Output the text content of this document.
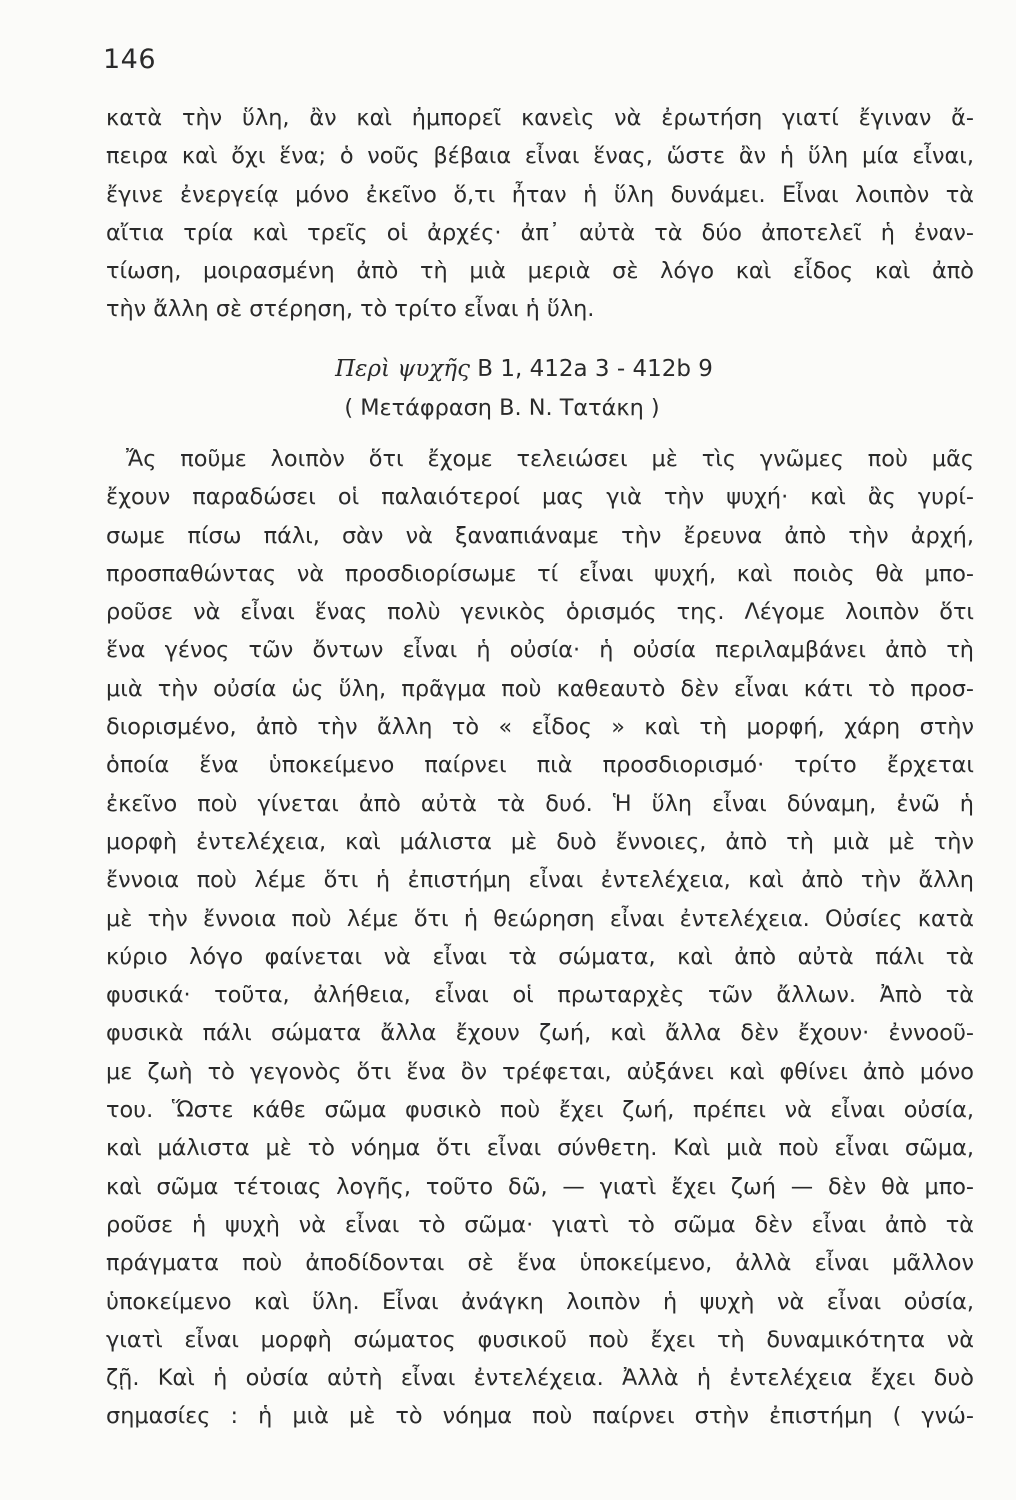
146
κατὰ τὴν ὕλη, ἂν καὶ ἠμπορεῖ κανεὶς νὰ ἐρωτήση γιατί ἔγιναν ἄ-
πειρα καὶ ὄχι ἕνα; ὁ νοῦς βέβαια εἶναι ἕνας, ὥστε ἂν ἡ ὕλη μία εἶναι,
ἔγινε ἐνεργείᾳ μόνο ἐκεῖνο ὅ,τι ἦταν ἡ ὕλη δυνάμει. Εἶναι λοιπὸν τὰ
αἴτια τρία καὶ τρεῖς οἱ ἀρχές· ἀπ᾽ αὐτὰ τὰ δύο ἀποτελεῖ ἡ ἐναν-
τίωση, μοιρασμένη ἀπὸ τὴ μιὰ μεριὰ σὲ λόγο καὶ εἶδος καὶ ἀπὸ
τὴν ἄλλη σὲ στέρηση, τὸ τρίτο εἶναι ἡ ὕλη.
Περὶ ψυχῆς Β 1, 412a 3 - 412b 9
( Μετάφραση Β. Ν. Τατάκη )
Ἄς ποῦμε λοιπὸν ὅτι ἔχομε τελειώσει μὲ τὶς γνῶμες ποὺ μᾶς
ἔχουν παραδώσει οἱ παλαιότεροί μας γιὰ τὴν ψυχή· καὶ ἂς γυρί-
σωμε πίσω πάλι, σὰν νὰ ξαναπιάναμε τὴν ἔρευνα ἀπὸ τὴν ἀρχή,
προσπαθώντας νὰ προσδιορίσωμε τί εἶναι ψυχή, καὶ ποιὸς θὰ μπο-
ροῦσε νὰ εἶναι ἕνας πολὺ γενικὸς ὁρισμός της. Λέγομε λοιπὸν ὅτι
ἕνα γένος τῶν ὄντων εἶναι ἡ οὐσία· ἡ οὐσία περιλαμβάνει ἀπὸ τὴ
μιὰ τὴν οὐσία ὡς ὕλη, πρᾶγμα ποὺ καθεαυτὸ δὲν εἶναι κάτι τὸ προσ-
διορισμένο, ἀπὸ τὴν ἄλλη τὸ « εἶδος » καὶ τὴ μορφή, χάρη στὴν
ὁποία ἕνα ὑποκείμενο παίρνει πιὰ προσδιορισμό· τρίτο ἔρχεται
ἐκεῖνο ποὺ γίνεται ἀπὸ αὐτὰ τὰ δυό. Ἡ ὕλη εἶναι δύναμη, ἐνῶ ἡ
μορφὴ ἐντελέχεια, καὶ μάλιστα μὲ δυὸ ἔννοιες, ἀπὸ τὴ μιὰ μὲ τὴν
ἔννοια ποὺ λέμε ὅτι ἡ ἐπιστήμη εἶναι ἐντελέχεια, καὶ ἀπὸ τὴν ἄλλη
μὲ τὴν ἔννοια ποὺ λέμε ὅτι ἡ θεώρηση εἶναι ἐντελέχεια. Οὐσίες κατὰ
κύριο λόγο φαίνεται νὰ εἶναι τὰ σώματα, καὶ ἀπὸ αὐτὰ πάλι τὰ
φυσικά· τοῦτα, ἀλήθεια, εἶναι οἱ πρωταρχὲς τῶν ἄλλων. Ἀπὸ τὰ
φυσικὰ πάλι σώματα ἄλλα ἔχουν ζωή, καὶ ἄλλα δὲν ἔχουν· ἐννοοῦ-
με ζωὴ τὸ γεγονὸς ὅτι ἕνα ὂν τρέφεται, αὐξάνει καὶ φθίνει ἀπὸ μόνο
του. Ὥστε κάθε σῶμα φυσικὸ ποὺ ἔχει ζωή, πρέπει νὰ εἶναι οὐσία,
καὶ μάλιστα μὲ τὸ νόημα ὅτι εἶναι σύνθετη. Καὶ μιὰ ποὺ εἶναι σῶμα,
καὶ σῶμα τέτοιας λογῆς, τοῦτο δῶ, — γιατὶ ἔχει ζωή — δὲν θὰ μπο-
ροῦσε ἡ ψυχὴ νὰ εἶναι τὸ σῶμα· γιατὶ τὸ σῶμα δὲν εἶναι ἀπὸ τὰ
πράγματα ποὺ ἀποδίδονται σὲ ἕνα ὑποκείμενο, ἀλλὰ εἶναι μᾶλλον
ὑποκείμενο καὶ ὕλη. Εἶναι ἀνάγκη λοιπὸν ἡ ψυχὴ νὰ εἶναι οὐσία,
γιατὶ εἶναι μορφὴ σώματος φυσικοῦ ποὺ ἔχει τὴ δυναμικότητα νὰ
ζῇ. Καὶ ἡ οὐσία αὐτὴ εἶναι ἐντελέχεια. Ἀλλὰ ἡ ἐντελέχεια ἔχει δυὸ
σημασίες : ἡ μιὰ μὲ τὸ νόημα ποὺ παίρνει στὴν ἐπιστήμη ( γνώ-
